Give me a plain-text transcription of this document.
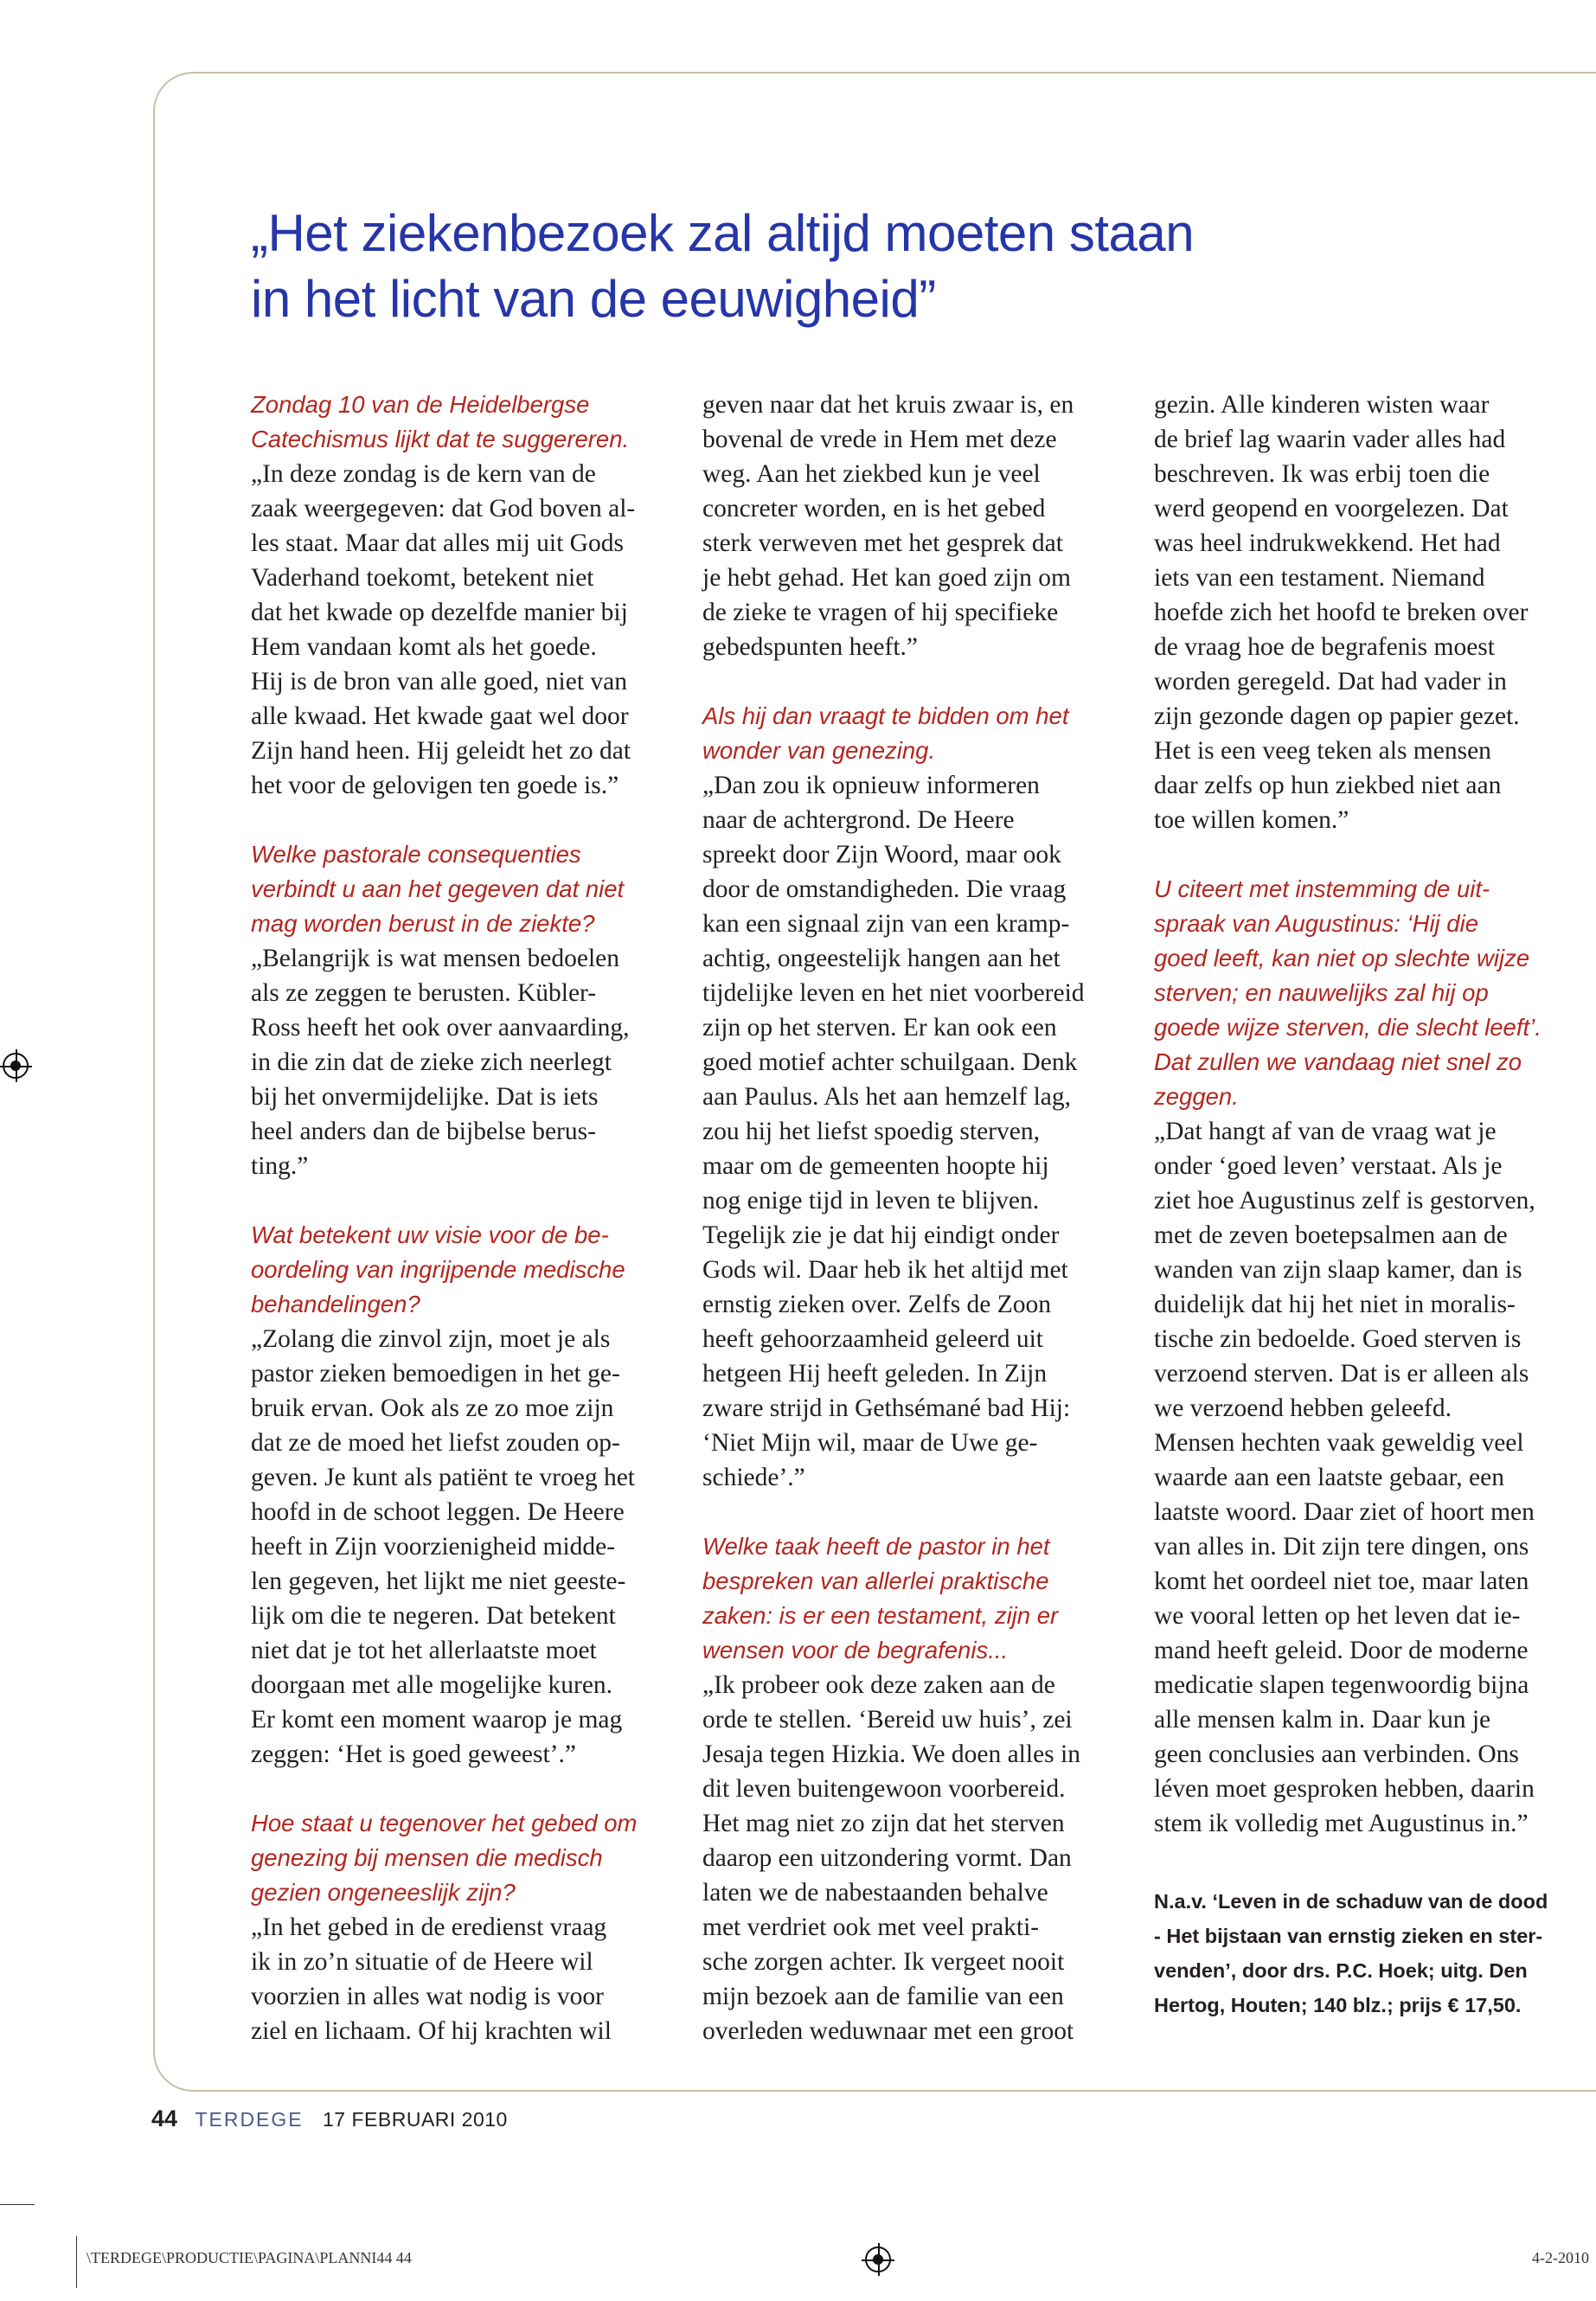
„Het ziekenbezoek zal altijd moeten staan
in het licht van de eeuwigheid”
Zondag 10 van de Heidelbergse
Catechismus lijkt dat te suggereren.
„In deze zondag is de kern van de
zaak weergegeven: dat God boven al-
les staat. Maar dat alles mij uit Gods
Vaderhand toekomt, betekent niet
dat het kwade op dezelfde manier bij
Hem vandaan komt als het goede.
Hij is de bron van alle goed, niet van
alle kwaad. Het kwade gaat wel door
Zijn hand heen. Hij geleidt het zo dat
het voor de gelovigen ten goede is.”
Welke pastorale consequenties
verbindt u aan het gegeven dat niet
mag worden berust in de ziekte?
„Belangrijk is wat mensen bedoelen
als ze zeggen te berusten. Kübler-
Ross heeft het ook over aanvaarding,
in die zin dat de zieke zich neerlegt
bij het onvermijdelijke. Dat is iets
heel anders dan de bijbelse berus-
ting.”
Wat betekent uw visie voor de be-
oordeling van ingrijpende medische
behandelingen?
„Zolang die zinvol zijn, moet je als
pastor zieken bemoedigen in het ge-
bruik ervan. Ook als ze zo moe zijn
dat ze de moed het liefst zouden op-
geven. Je kunt als patiënt te vroeg het
hoofd in de schoot leggen. De Heere
heeft in Zijn voorzienigheid midde-
len gegeven, het lijkt me niet geeste-
lijk om die te negeren. Dat betekent
niet dat je tot het allerlaatste moet
doorgaan met alle mogelijke kuren.
Er komt een moment waarop je mag
zeggen: ‘Het is goed geweest’.”
Hoe staat u tegenover het gebed om
genezing bij mensen die medisch
gezien ongeneeslijk zijn?
„In het gebed in de eredienst vraag
ik in zo’n situatie of de Heere wil
voorzien in alles wat nodig is voor
ziel en lichaam. Of hij krachten wil
geven naar dat het kruis zwaar is, en
bovenal de vrede in Hem met deze
weg. Aan het ziekbed kun je veel
concreter worden, en is het gebed
sterk verweven met het gesprek dat
je hebt gehad. Het kan goed zijn om
de zieke te vragen of hij specifieke
gebedspunten heeft.”
Als hij dan vraagt te bidden om het
wonder van genezing.
„Dan zou ik opnieuw informeren
naar de achtergrond. De Heere
spreekt door Zijn Woord, maar ook
door de omstandigheden. Die vraag
kan een signaal zijn van een kramp-
achtig, ongeestelijk hangen aan het
tijdelijke leven en het niet voorbereid
zijn op het sterven. Er kan ook een
goed motief achter schuilgaan. Denk
aan Paulus. Als het aan hemzelf lag,
zou hij het liefst spoedig sterven,
maar om de gemeenten hoopte hij
nog enige tijd in leven te blijven.
Tegelijk zie je dat hij eindigt onder
Gods wil. Daar heb ik het altijd met
ernstig zieken over. Zelfs de Zoon
heeft gehoorzaamheid geleerd uit
hetgeen Hij heeft geleden. In Zijn
zware strijd in Gethsémané bad Hij:
‘Niet Mijn wil, maar de Uwe ge-
schiede’.”
Welke taak heeft de pastor in het
bespreken van allerlei praktische
zaken: is er een testament, zijn er
wensen voor de begrafenis...
„Ik probeer ook deze zaken aan de
orde te stellen. ‘Bereid uw huis’, zei
Jesaja tegen Hizkia. We doen alles in
dit leven buitengewoon voorbereid.
Het mag niet zo zijn dat het sterven
daarop een uitzondering vormt. Dan
laten we de nabestaanden behalve
met verdriet ook met veel prakti-
sche zorgen achter. Ik vergeet nooit
mijn bezoek aan de familie van een
overleden weduwnaar met een groot
gezin. Alle kinderen wisten waar
de brief lag waarin vader alles had
beschreven. Ik was erbij toen die
werd geopend en voorgelezen. Dat
was heel indrukwekkend. Het had
iets van een testament. Niemand
hoefde zich het hoofd te breken over
de vraag hoe de begrafenis moest
worden geregeld. Dat had vader in
zijn gezonde dagen op papier gezet.
Het is een veeg teken als mensen
daar zelfs op hun ziekbed niet aan
toe willen komen.”
U citeert met instemming de uit-
spraak van Augustinus: ‘Hij die
goed leeft, kan niet op slechte wijze
sterven; en nauwelijks zal hij op
goede wijze sterven, die slecht leeft’.
Dat zullen we vandaag niet snel zo
zeggen.
„Dat hangt af van de vraag wat je
onder ‘goed leven’ verstaat. Als je
ziet hoe Augustinus zelf is gestorven,
met de zeven boetepsalmen aan de
wanden van zijn slaap kamer, dan is
duidelijk dat hij het niet in moralis-
tische zin bedoelde. Goed sterven is
verzoend sterven. Dat is er alleen als
we verzoend hebben geleefd.
Mensen hechten vaak geweldig veel
waarde aan een laatste gebaar, een
laatste woord. Daar ziet of hoort men
van alles in. Dit zijn tere dingen, ons
komt het oordeel niet toe, maar laten
we vooral letten op het leven dat ie-
mand heeft geleid. Door de moderne
medicatie slapen tegenwoordig bijna
alle mensen kalm in. Daar kun je
geen conclusies aan verbinden. Ons
léven moet gesproken hebben, daarin
stem ik volledig met Augustinus in.”
N.a.v. ‘Leven in de schaduw van de dood
- Het bijstaan van ernstig zieken en ster-
venden’, door drs. P.C. Hoek; uitg. Den
Hertog, Houten; 140 blz.; prijs € 17,50.
44 TERDEGE 17 FEBRUARI 2010
\TERDEGE\PRODUCTIE\PAGINA\PLANNI44 44	4-2-2010
